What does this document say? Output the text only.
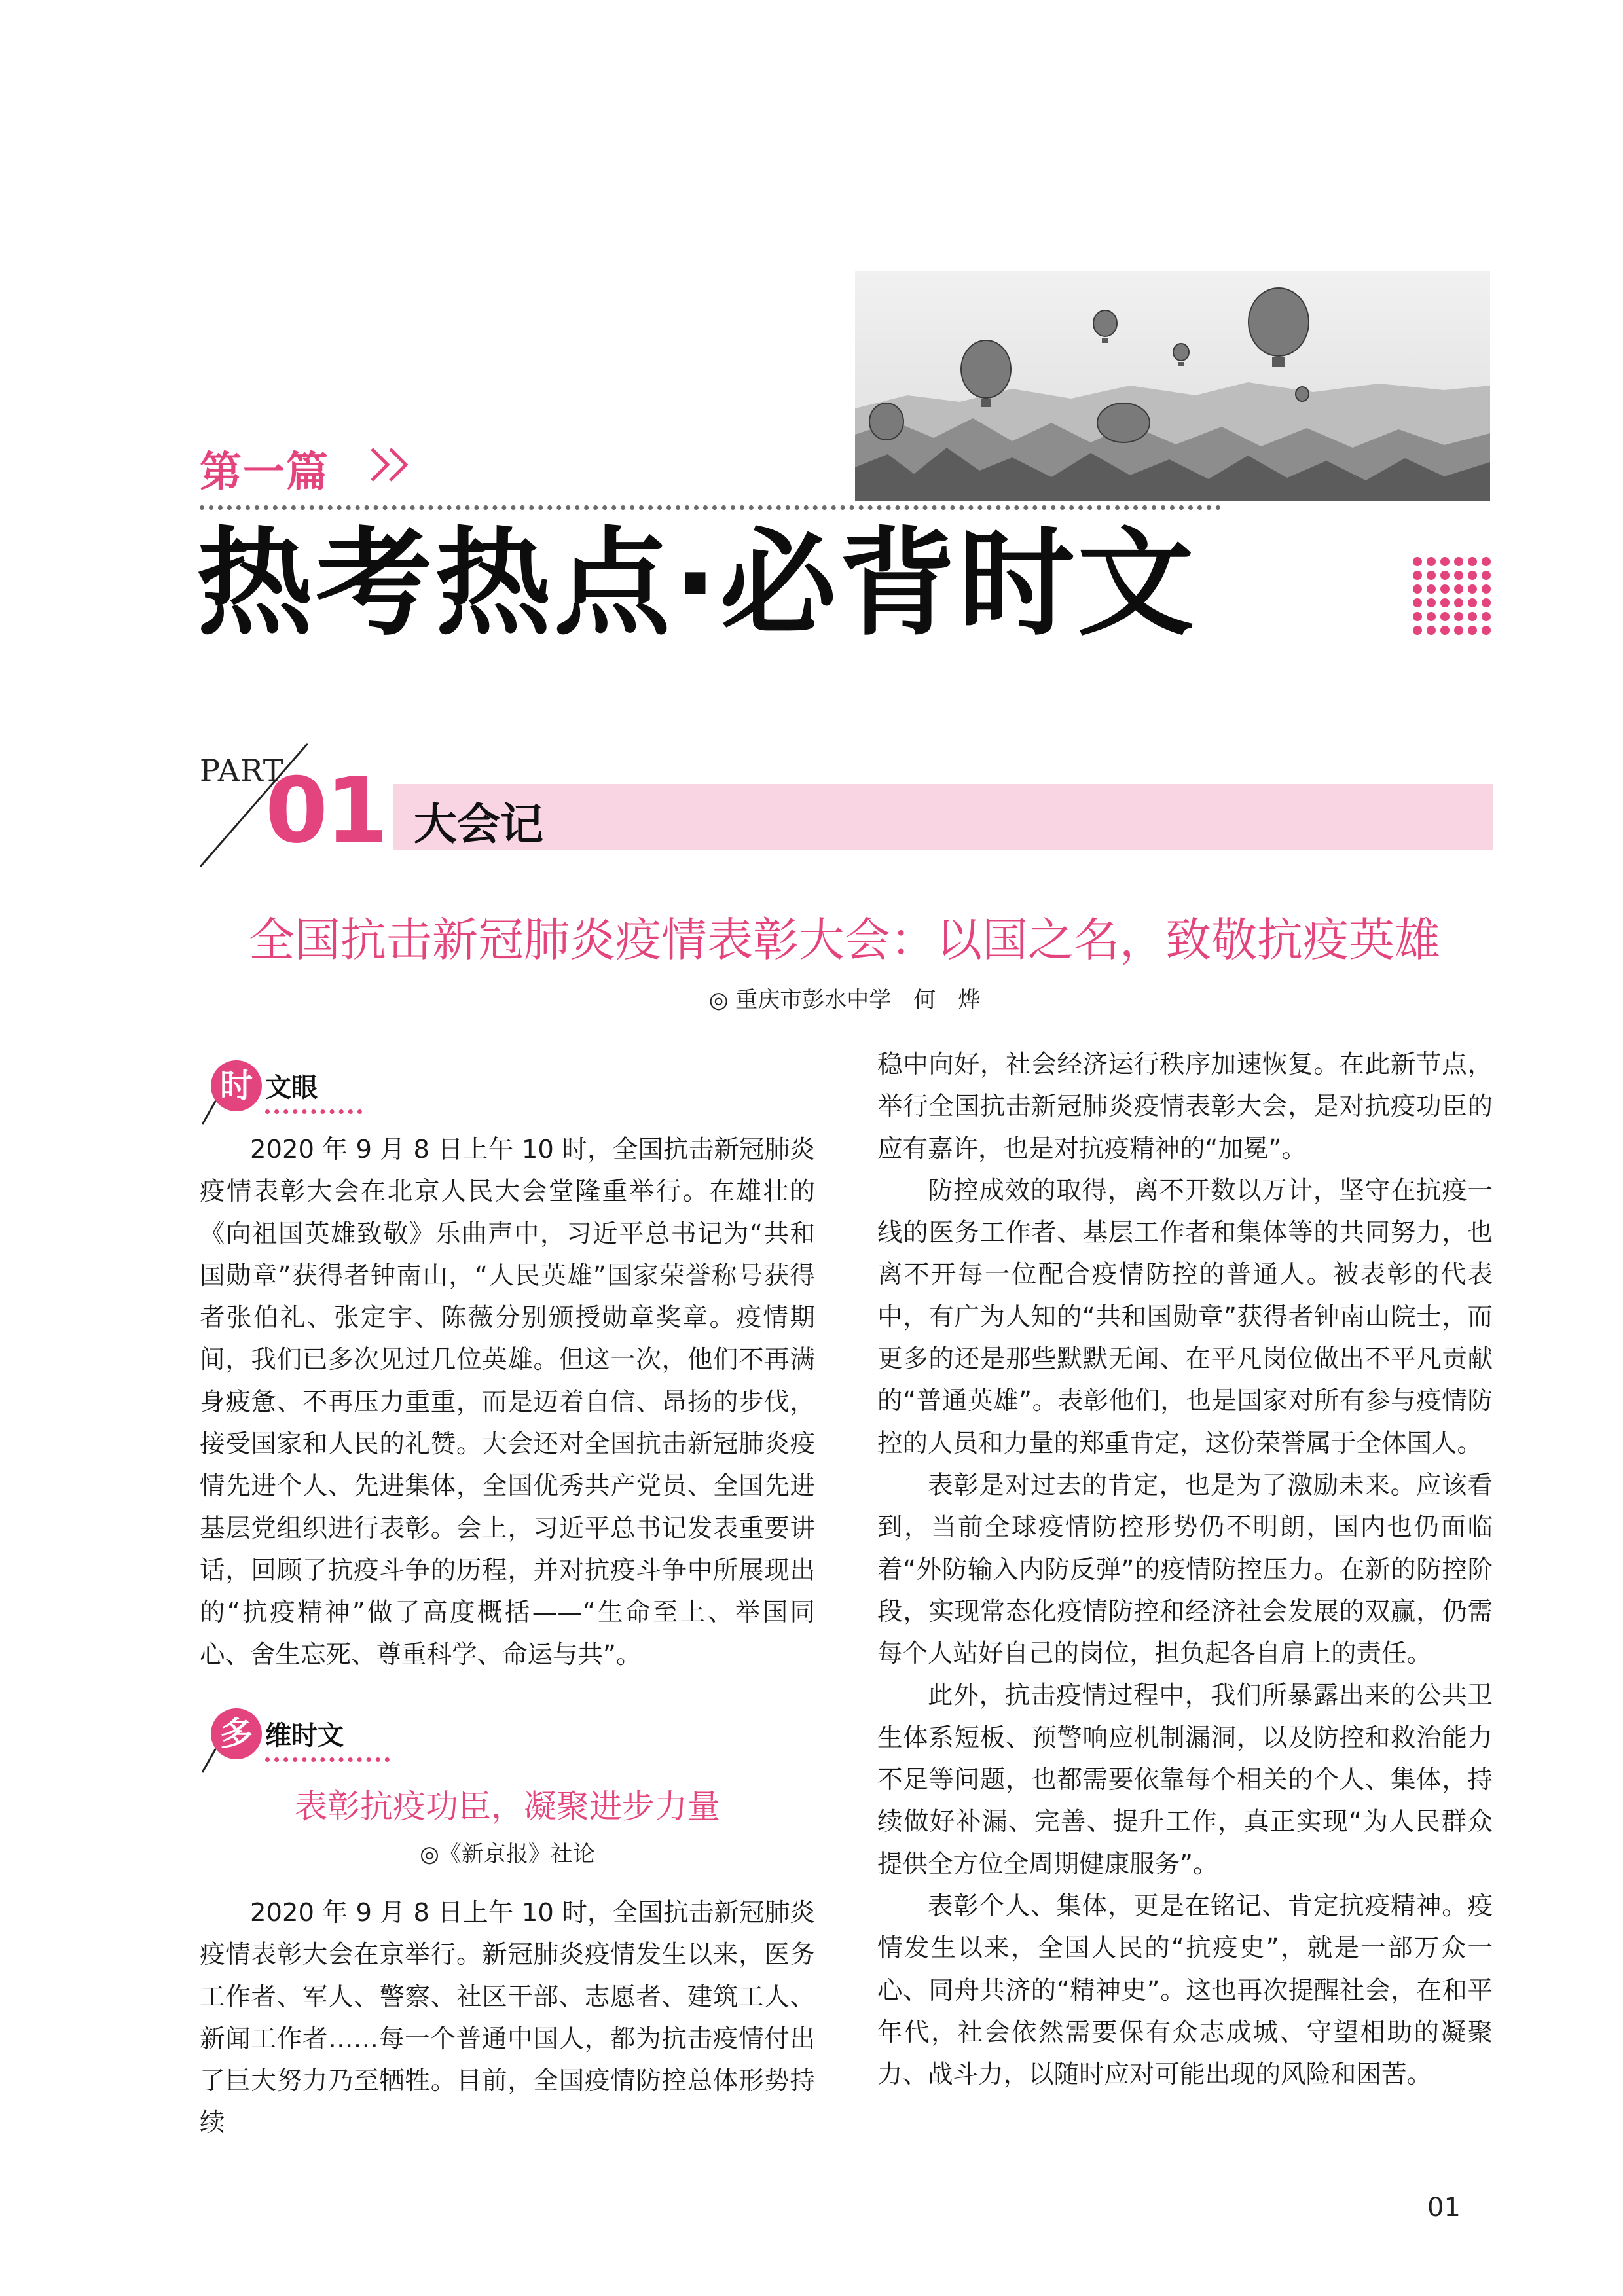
第一篇
热考热点·必背时文
PART
01 大会记
全国抗击新冠肺炎疫情表彰大会：以国之名，致敬抗疫英雄
◎ 重庆市彭水中学　何　烨
时 文眼

2020 年 9 月 8 日上午 10 时，全国抗击新冠肺炎疫情表彰大会在北京人民大会堂隆重举行。在雄壮的《向祖国英雄致敬》乐曲声中，习近平总书记为“共和国勋章”获得者钟南山，“人民英雄”国家荣誉称号获得者张伯礼、张定宇、陈薇分别颁授勋章奖章。疫情期间，我们已多次见过几位英雄。但这一次，他们不再满身疲惫、不再压力重重，而是迈着自信、昂扬的步伐，接受国家和人民的礼赞。大会还对全国抗击新冠肺炎疫情先进个人、先进集体，全国优秀共产党员、全国先进基层党组织进行表彰。会上，习近平总书记发表重要讲话，回顾了抗疫斗争的历程，并对抗疫斗争中所展现出的“抗疫精神”做了高度概括——“生命至上、举国同心、舍生忘死、尊重科学、命运与共”。

多 维时文
表彰抗疫功臣，凝聚进步力量
◎《新京报》社论

2020 年 9 月 8 日上午 10 时，全国抗击新冠肺炎疫情表彰大会在京举行。新冠肺炎疫情发生以来，医务工作者、军人、警察、社区干部、志愿者、建筑工人、新闻工作者……每一个普通中国人，都为抗击疫情付出了巨大努力乃至牺牲。目前，全国疫情防控总体形势持续

稳中向好，社会经济运行秩序加速恢复。在此新节点，举行全国抗击新冠肺炎疫情表彰大会，是对抗疫功臣的应有嘉许，也是对抗疫精神的“加冕”。

防控成效的取得，离不开数以万计，坚守在抗疫一线的医务工作者、基层工作者和集体等的共同努力，也离不开每一位配合疫情防控的普通人。被表彰的代表中，有广为人知的“共和国勋章”获得者钟南山院士，而更多的还是那些默默无闻、在平凡岗位做出不平凡贡献的“普通英雄”。表彰他们，也是国家对所有参与疫情防控的人员和力量的郑重肯定，这份荣誉属于全体国人。

表彰是对过去的肯定，也是为了激励未来。应该看到，当前全球疫情防控形势仍不明朗，国内也仍面临着“外防输入内防反弹”的疫情防控压力。在新的防控阶段，实现常态化疫情防控和经济社会发展的双赢，仍需每个人站好自己的岗位，担负起各自肩上的责任。

此外，抗击疫情过程中，我们所暴露出来的公共卫生体系短板、预警响应机制漏洞，以及防控和救治能力不足等问题，也都需要依靠每个相关的个人、集体，持续做好补漏、完善、提升工作，真正实现“为人民群众提供全方位全周期健康服务”。

表彰个人、集体，更是在铭记、肯定抗疫精神。疫情发生以来，全国人民的“抗疫史”，就是一部万众一心、同舟共济的“精神史”。这也再次提醒社会，在和平年代，社会依然需要保有众志成城、守望相助的凝聚力、战斗力，以随时应对可能出现的风险和困苦。

01
